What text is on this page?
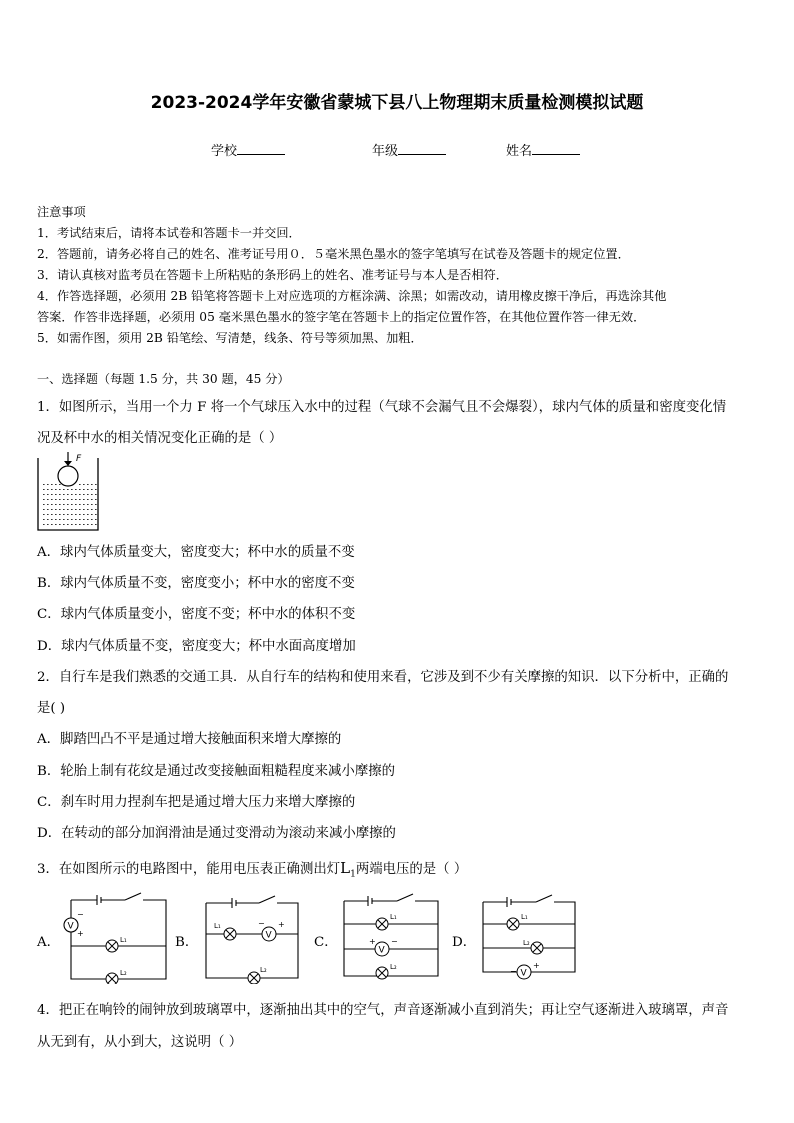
2023-2024学年安徽省蒙城下县八上物理期末质量检测模拟试题
学校	年级	姓名
注意事项
1．考试结束后，请将本试卷和答题卡一并交回．
2．答题前，请务必将自己的姓名、准考证号用０．５毫米黑色墨水的签字笔填写在试卷及答题卡的规定位置．
3．请认真核对监考员在答题卡上所粘贴的条形码上的姓名、准考证号与本人是否相符．
4．作答选择题，必须用 2B 铅笔将答题卡上对应选项的方框涂满、涂黑；如需改动，请用橡皮擦干净后，再选涂其他
答案．作答非选择题，必须用 05 毫米黑色墨水的签字笔在答题卡上的指定位置作答，在其他位置作答一律无效．
5．如需作图，须用 2B 铅笔绘、写清楚，线条、符号等须加黑、加粗．
一、选择题（每题 1.5 分，共 30 题，45 分）
1．如图所示，当用一个力 F 将一个气球压入水中的过程（气球不会漏气且不会爆裂），球内气体的质量和密度变化情
况及杯中水的相关情况变化正确的是（ ）
F
A．球内气体质量变大，密度变大；杯中水的质量不变
B．球内气体质量不变，密度变小；杯中水的密度不变
C．球内气体质量变小，密度不变；杯中水的体积不变
D．球内气体质量不变，密度变大；杯中水面高度增加
2．自行车是我们熟悉的交通工具．从自行车的结构和使用来看，它涉及到不少有关摩擦的知识．以下分析中，正确的
是( )
A．脚踏凹凸不平是通过增大接触面积来增大摩擦的
B．轮胎上制有花纹是通过改变接触面粗糙程度来减小摩擦的
C．刹车时用力捏刹车把是通过增大压力来增大摩擦的
D．在转动的部分加润滑油是通过变滑动为滚动来减小摩擦的
3．在如图所示的电路图中，能用电压表正确测出灯$L_1$两端电压的是（ ）
A．	B．	C．	D．
V
−
+
L₁
L₂
L₁
V
− +
L₂
L₁
V
+ −
L₂
L₁
L₂
V
−
+
4．把正在响铃的闹钟放到玻璃罩中，逐渐抽出其中的空气，声音逐渐减小直到消失；再让空气逐渐进入玻璃罩，声音
从无到有，从小到大，这说明（ ）
